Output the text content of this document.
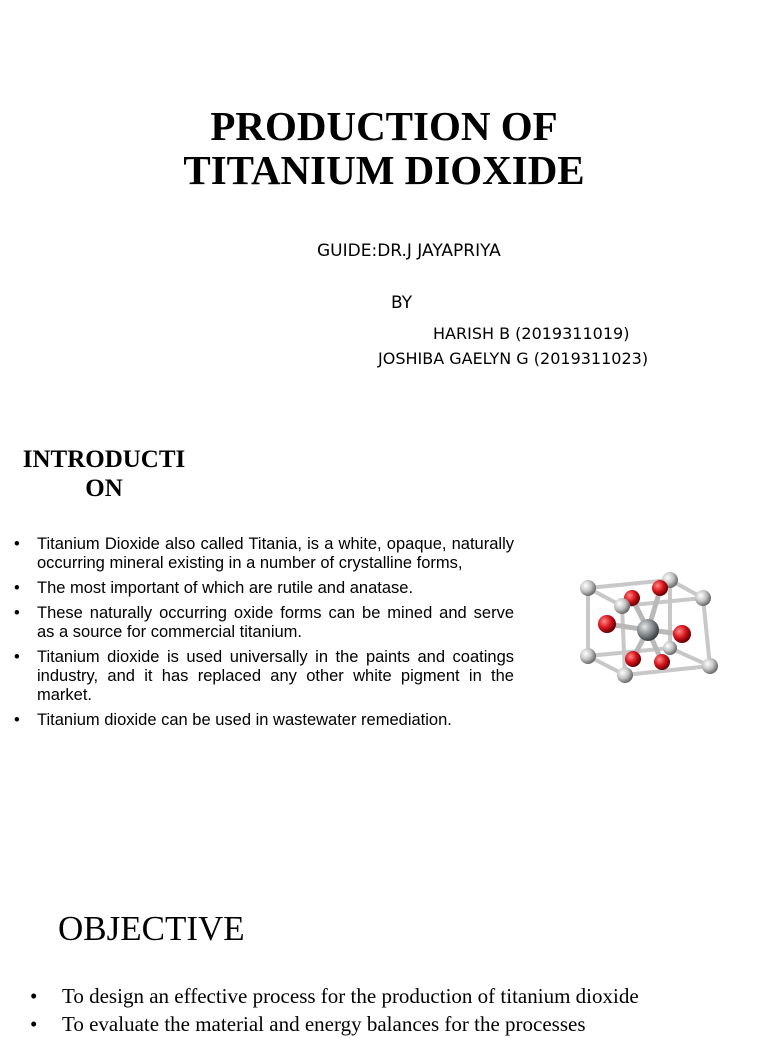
PRODUCTION OF
TITANIUM DIOXIDE
GUIDE:DR.J JAYAPRIYA
BY
HARISH B (2019311019)
JOSHIBA GAELYN G (2019311023)
INTRODUCTI
ON
• Titanium Dioxide also called Titania, is a white, opaque, naturally occurring mineral existing in a number of crystalline forms,
• The most important of which are rutile and anatase.
• These naturally occurring oxide forms can be mined and serve as a source for commercial titanium.
• Titanium dioxide is used universally in the paints and coatings industry, and it has replaced any other white pigment in the market.
• Titanium dioxide can be used in wastewater remediation.
OBJECTIVE
• To design an effective process for the production of titanium dioxide
• To evaluate the material and energy balances for the processes
